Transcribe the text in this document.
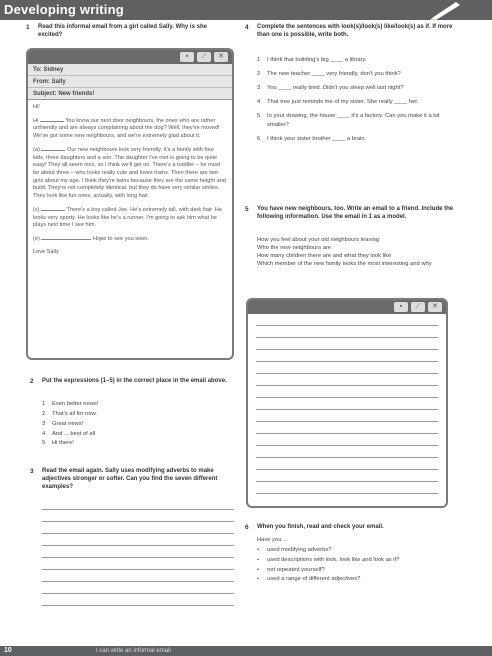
Developing writing
1 Read this informal email from a girl called Sally. Why is she excited?
▪	⟋	✕
To: Sidney
From: Sally
Subject: New friends!

Hi!

Hi	You know our next door neighbours, the ones who are rather unfriendly and are always complaining about the dog? Well, they've moved! We've got some new neighbours, and we're extremely glad about it.

(a)	Our new neighbours look very friendly. It's a family with four kids, three daughters and a son. The daughter I've met is going to be quite easy! They all seem nice, so I think we'll get on. There's a toddler – he must be about three – who looks really cute and loves trains. Then there are two girls about my age. I think they're twins because they are the same height and build. They're not completely identical, but they do have very similar smiles. They look like fun ones, actually, with long hair.

(c)	There's a boy called Joe. He's extremely tall, with dark hair. He looks very sporty. He looks like he's a runner. I'm going to ask him what he plays next time I see him.

(e)	Hope to see you soon.

Love Sally

2 Put the expressions (1–5) in the correct place in the email above.
1	Even better news!
2	That's all for now.
3	Great news!
4	And ... best of all
5	Hi there!
3 Read the email again. Sally uses modifying adverbs to make adjectives stronger or softer. Can you find the seven different examples?
4 Complete the sentences with look(s)/look(s) like/look(s) as if. If more than one is possible, write both.
1	I think that building's big ____ a library.
2	The new teacher ____ very friendly, don't you think?
3	You ____ really tired. Didn't you sleep well last night?
4	That tree just reminds me of my sister. She really ____ her.
5	In your drawing, the house ____ it's a factory. Can you make it a bit smaller?
6	I think your sister brother ____ a brain.
5 You have new neighbours, too. Write an email to a friend. Include the following information. Use the email in 1 as a model.
How you feel about your old neighbours leaving
Who the new neighbours are
How many children there are and what they look like
Which member of the new family looks the most interesting and why
▪	⟋	✕
6 When you finish, read and check your email.
Have you ...
•	used modifying adverbs?
•	used descriptions with look, look like and look as if?
•	not repeated yourself?
•	used a range of different adjectives?
10	I can write an informal email
